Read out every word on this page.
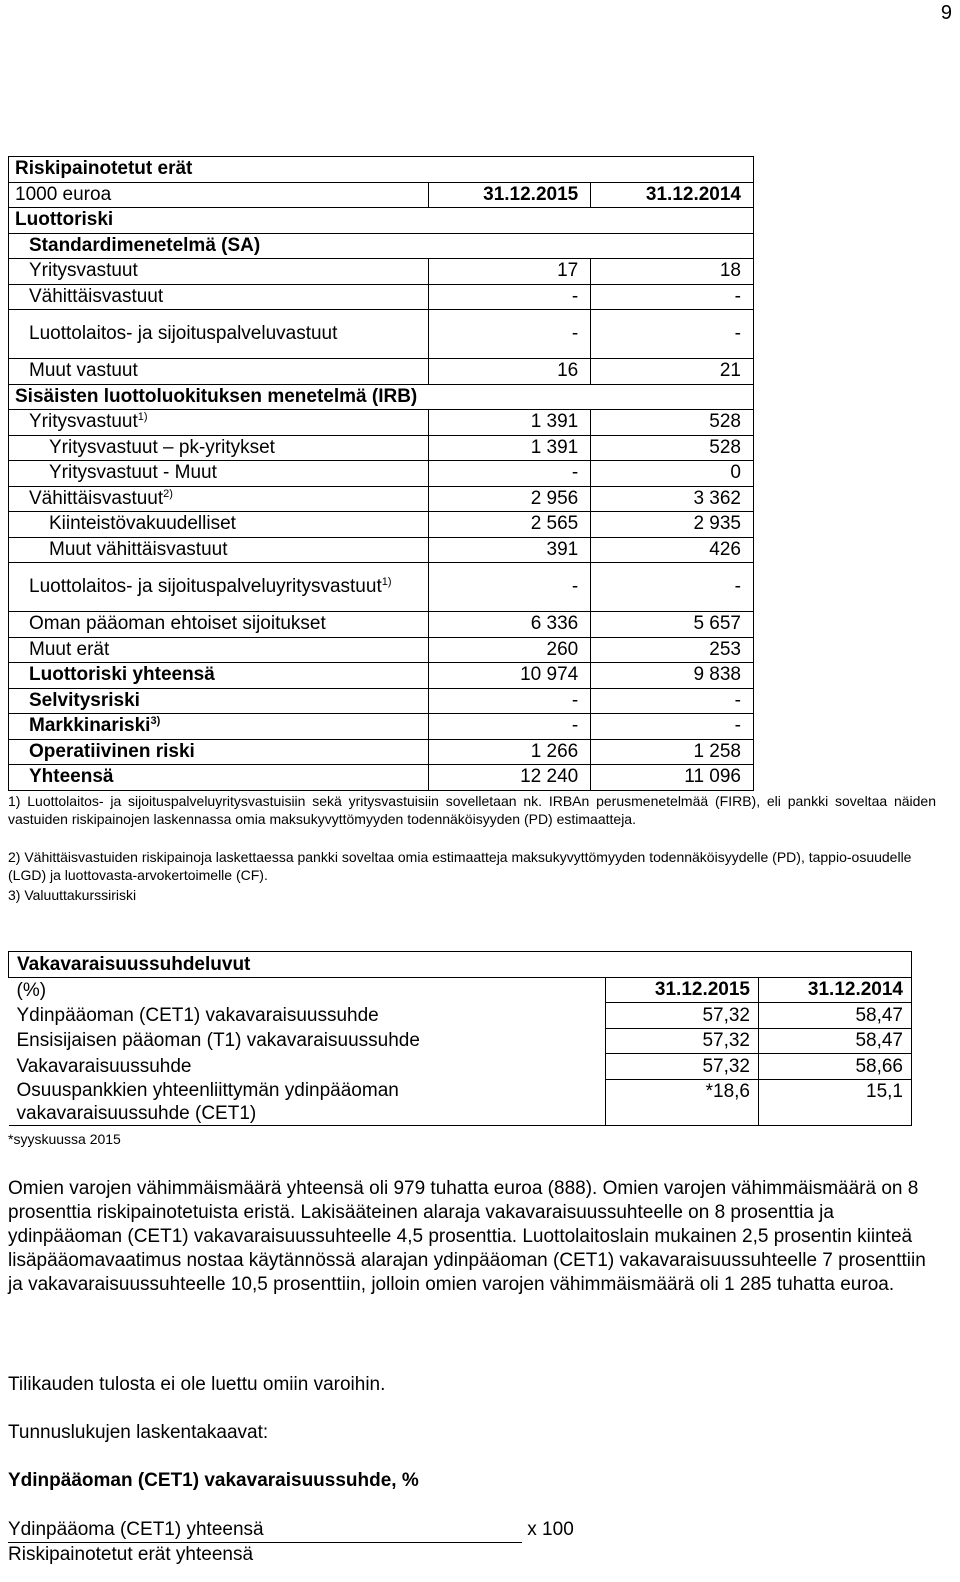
9
Riskipainotetut erät		
1000 euroa	31.12.2015	31.12.2014
Luottoriski		
Standardimenetelmä (SA)		
Yritysvastuut	17	18
Vähittäisvastuut	-	-
Luottolaitos- ja sijoituspalveluvastuut	-	-
Muut vastuut	16	21
Sisäisten luottoluokituksen menetelmä (IRB)		
Yritysvastuut$^{1)}$	1 391	528
Yritysvastuut – pk-yritykset	1 391	528
Yritysvastuut - Muut	-	0
Vähittäisvastuut$^{2)}$	2 956	3 362
Kiinteistövakuudelliset	2 565	2 935
Muut vähittäisvastuut	391	426
Luottolaitos- ja sijoituspalveluyritysvastuut$^{1)}$	-	-
Oman pääoman ehtoiset sijoitukset	6 336	5 657
Muut erät	260	253
Luottoriski yhteensä	10 974	9 838
Selvitysriski	-	-
Markkinariski$^{3)}$	-	-
Operatiivinen riski	1 266	1 258
Yhteensä	12 240	11 096
1) Luottolaitos- ja sijoituspalveluyritysvastuisiin sekä yritysvastuisiin sovelletaan nk. IRBAn perusmenetelmää (FIRB), eli pankki soveltaa näiden vastuiden riskipainojen laskennassa omia maksukyvyttömyyden todennäköisyyden (PD) estimaatteja.
2) Vähittäisvastuiden riskipainoja laskettaessa pankki soveltaa omia estimaatteja maksukyvyttömyyden todennäköisyydelle (PD), tappio-osuudelle (LGD) ja luottovasta-arvokertoimelle (CF).
3) Valuuttakurssiriski
Vakavaraisuussuhdeluvut		
(%)	31.12.2015	31.12.2014
Ydinpääoman (CET1) vakavaraisuussuhde	57,32	58,47
Ensisijaisen pääoman (T1) vakavaraisuussuhde	57,32	58,47
Vakavaraisuussuhde	57,32	58,66
Osuuspankkien yhteenliittymän ydinpääoman vakavaraisuussuhde (CET1)	*18,6	15,1
*syyskuussa 2015
Omien varojen vähimmäismäärä yhteensä oli 979 tuhatta euroa (888). Omien varojen vähimmäismäärä on 8 prosenttia riskipainotetuista eristä. Lakisääteinen alaraja vakavaraisuussuhteelle on 8 prosenttia ja ydinpääoman (CET1) vakavaraisuussuhteelle 4,5 prosenttia. Luottolaitoslain mukainen 2,5 prosentin kiinteä lisäpääomavaatimus nostaa käytännössä alarajan ydinpääoman (CET1) vakavaraisuussuhteelle 7 prosenttiin ja vakavaraisuussuhteelle 10,5 prosenttiin, jolloin omien varojen vähimmäismäärä oli 1 285 tuhatta euroa.
Tilikauden tulosta ei ole luettu omiin varoihin.
Tunnuslukujen laskentakaavat:
Ydinpääoman (CET1) vakavaraisuussuhde, %
Ydinpääoma (CET1) yhteensä	x 100
Riskipainotetut erät yhteensä
